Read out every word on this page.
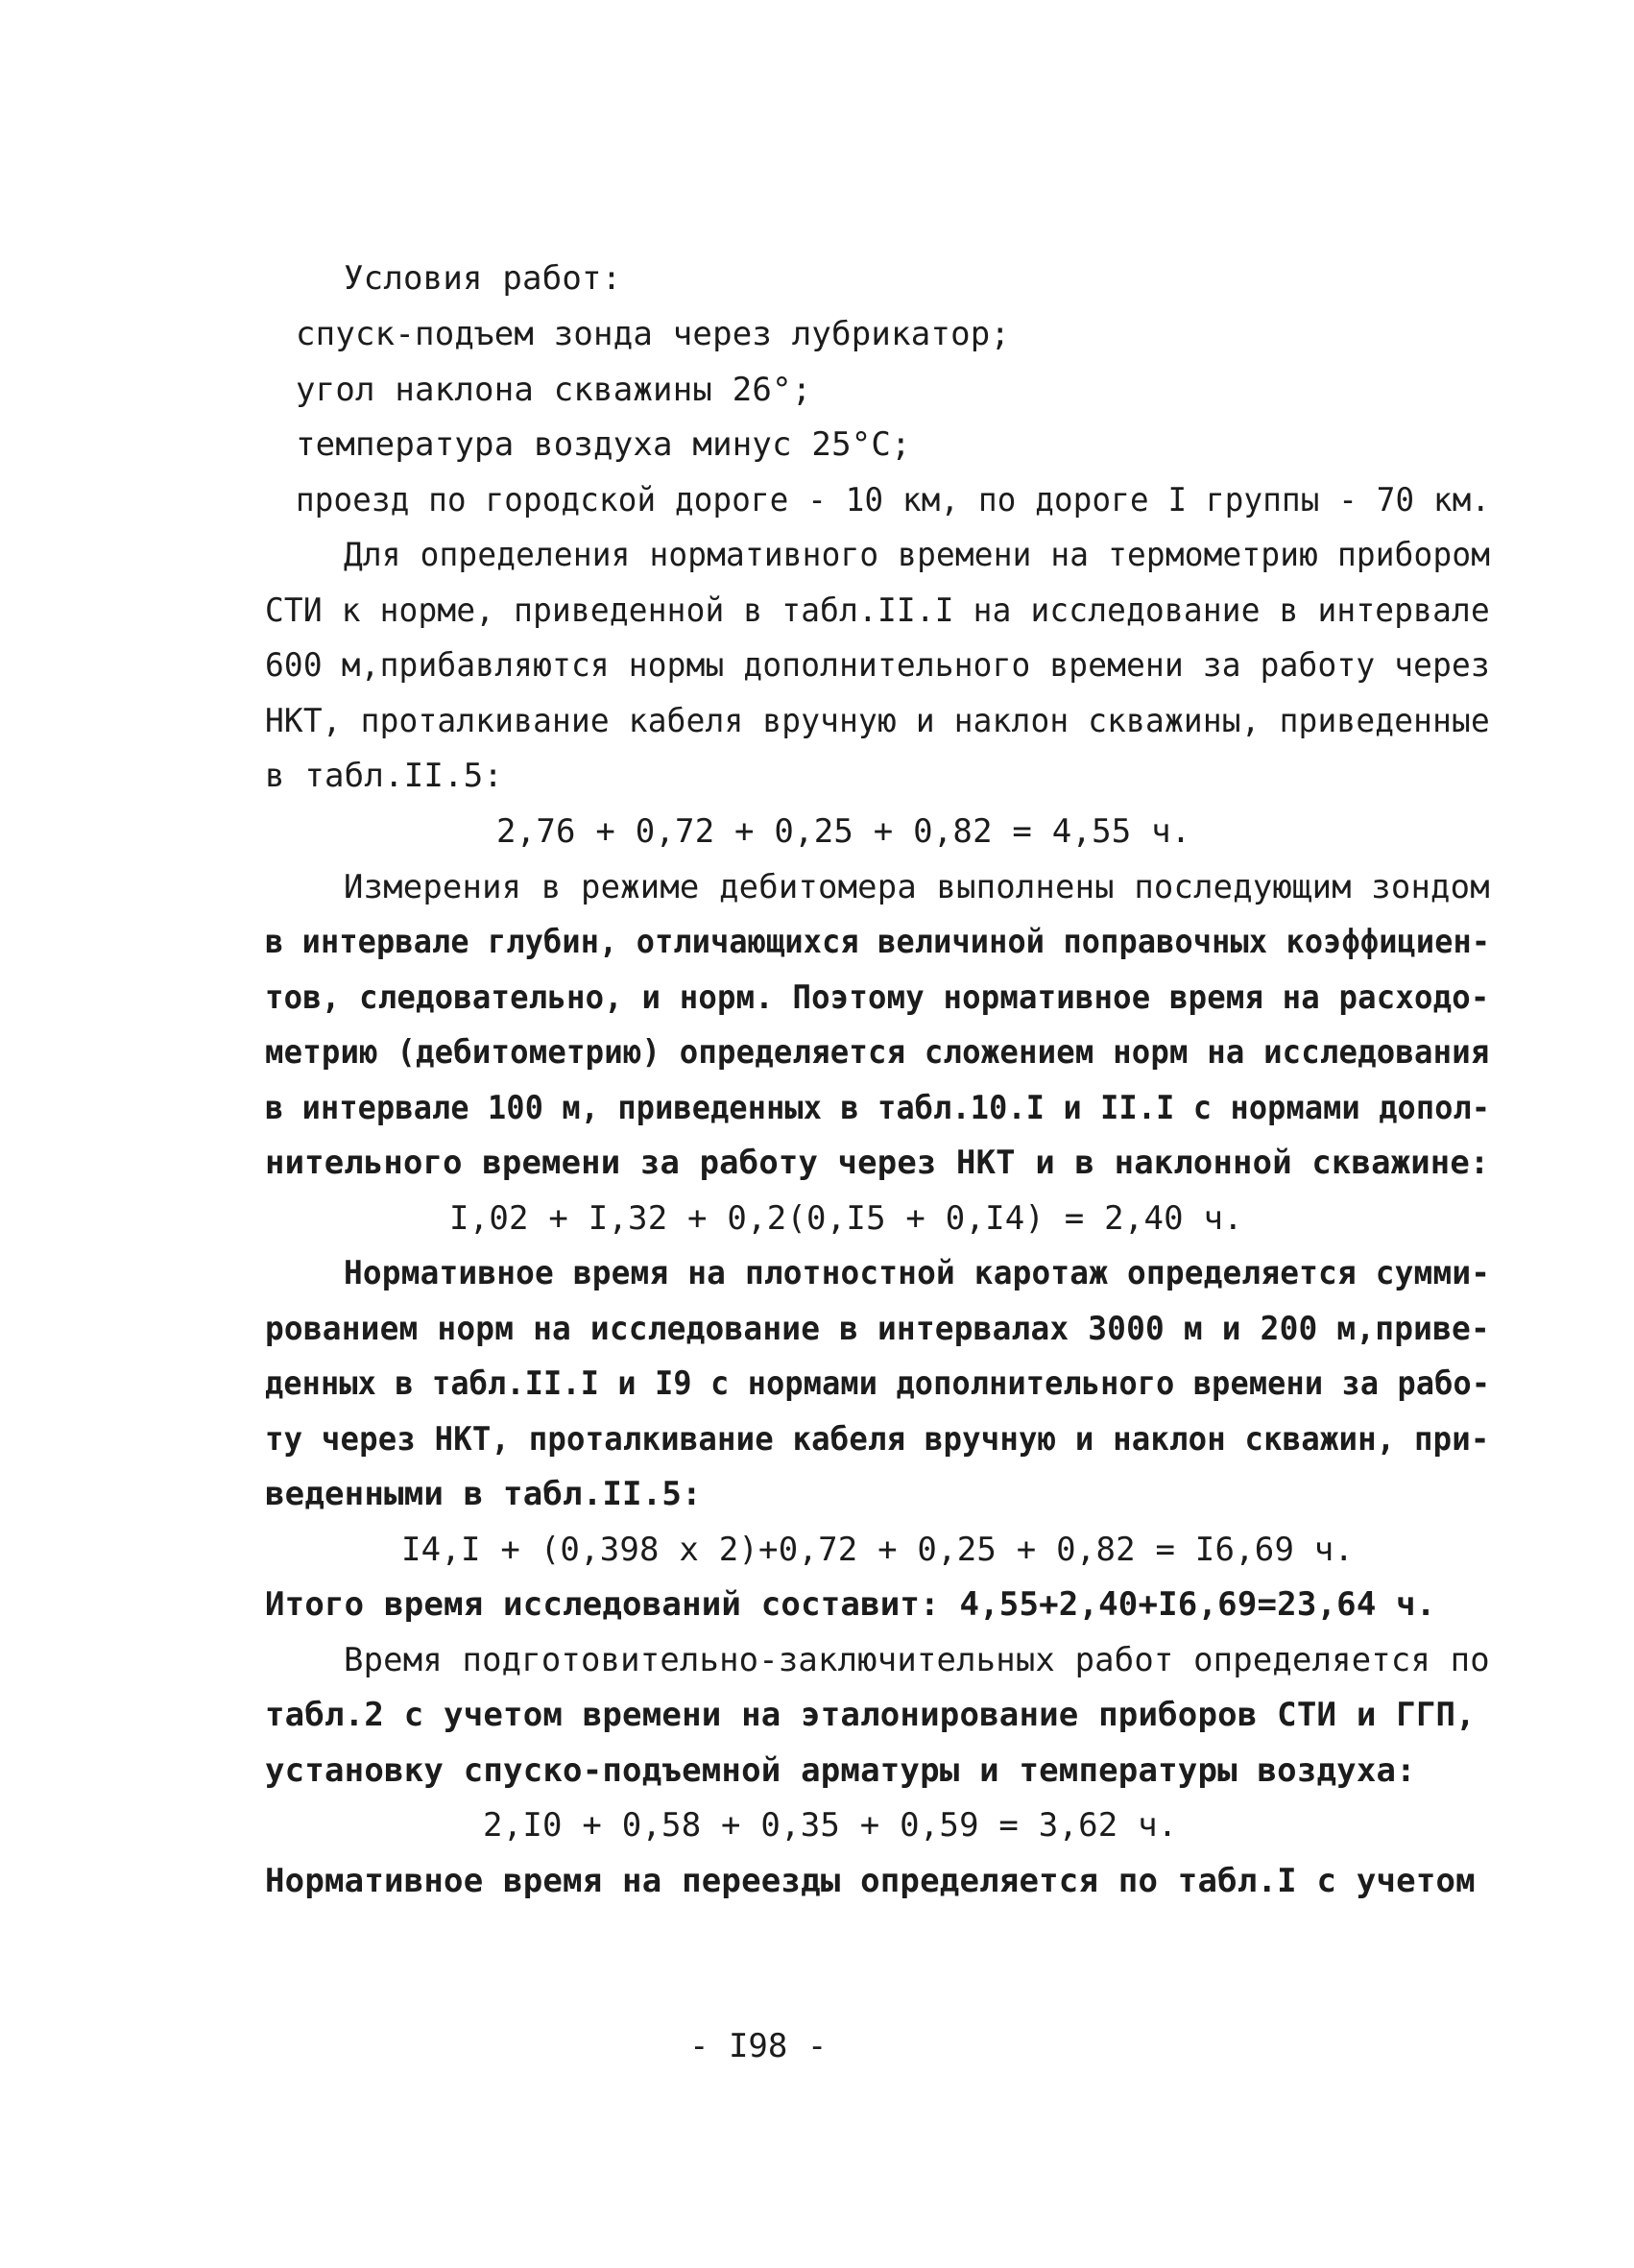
Условия работ:
спуск-подъем зонда через лубрикатор;
угол наклона скважины 26°;
температура воздуха минус 25°С;
проезд по городской дороге - 10 км, по дороге I группы - 70 км.
Для определения нормативного времени на термометрию прибором
СТИ к норме, приведенной в табл.II.I на исследование в интервале
600 м,прибавляются нормы дополнительного времени за работу через
НКТ, проталкивание кабеля вручную и наклон скважины, приведенные
в табл.II.5:
2,76 + 0,72 + 0,25 + 0,82 = 4,55 ч.
Измерения в режиме дебитомера выполнены последующим зондом
в интервале глубин, отличающихся величиной поправочных коэффициен-
тов, следовательно, и норм. Поэтому нормативное время на расходо-
метрию (дебитометрию) определяется сложением норм на исследования
в интервале 100 м, приведенных в табл.10.I и II.I с нормами допол-
нительного времени за работу через НКТ и в наклонной скважине:
I,02 + I,32 + 0,2(0,I5 + 0,I4) = 2,40 ч.
Нормативное время на плотностной каротаж определяется сумми-
рованием норм на исследование в интервалах 3000 м и 200 м,приве-
денных в табл.II.I и I9 с нормами дополнительного времени за рабо-
ту через НКТ, проталкивание кабеля вручную и наклон скважин, при-
веденными в табл.II.5:
I4,I + (0,398 x 2)+0,72 + 0,25 + 0,82 = I6,69 ч.
Итого время исследований составит: 4,55+2,40+I6,69=23,64 ч.
Время подготовительно-заключительных работ определяется по
табл.2 с учетом времени на эталонирование приборов СТИ и ГГП,
установку спуско-подъемной арматуры и температуры воздуха:
2,I0 + 0,58 + 0,35 + 0,59 = 3,62 ч.
Нормативное время на переезды определяется по табл.I с учетом
- I98 -
